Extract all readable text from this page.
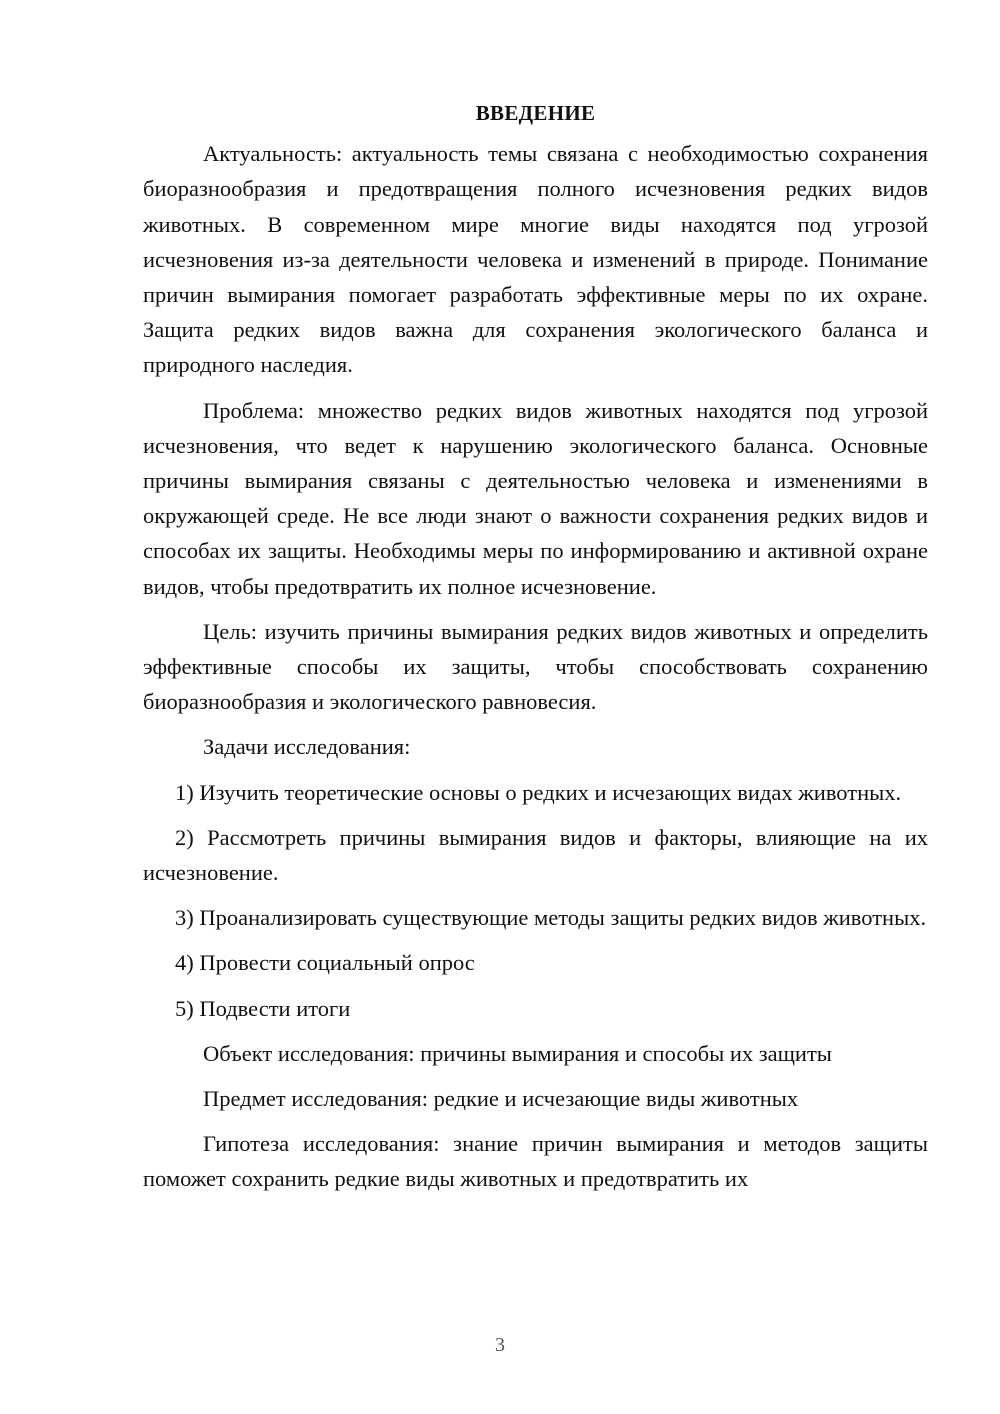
ВВЕДЕНИЕ

Актуальность: актуальность темы связана с необходимостью сохранения биоразнообразия и предотвращения полного исчезновения редких видов животных. В современном мире многие виды находятся под угрозой исчезновения из-за деятельности человека и изменений в природе. Понимание причин вымирания помогает разработать эффективные меры по их охране. Защита редких видов важна для сохранения экологического баланса и природного наследия.

Проблема: множество редких видов животных находятся под угрозой исчезновения, что ведет к нарушению экологического баланса. Основные причины вымирания связаны с деятельностью человека и изменениями в окружающей среде. Не все люди знают о важности сохранения редких видов и способах их защиты. Необходимы меры по информированию и активной охране видов, чтобы предотвратить их полное исчезновение.

Цель: изучить причины вымирания редких видов животных и определить эффективные способы их защиты, чтобы способствовать сохранению биоразнообразия и экологического равновесия.

Задачи исследования:

1) Изучить теоретические основы о редких и исчезающих видах животных.

2) Рассмотреть причины вымирания видов и факторы, влияющие на их исчезновение.

3) Проанализировать существующие методы защиты редких видов животных.

4) Провести социальный опрос

5) Подвести итоги

Объект исследования: причины вымирания и способы их защиты

Предмет исследования: редкие и исчезающие виды животных

Гипотеза исследования: знание причин вымирания и методов защиты поможет сохранить редкие виды животных и предотвратить их

3
